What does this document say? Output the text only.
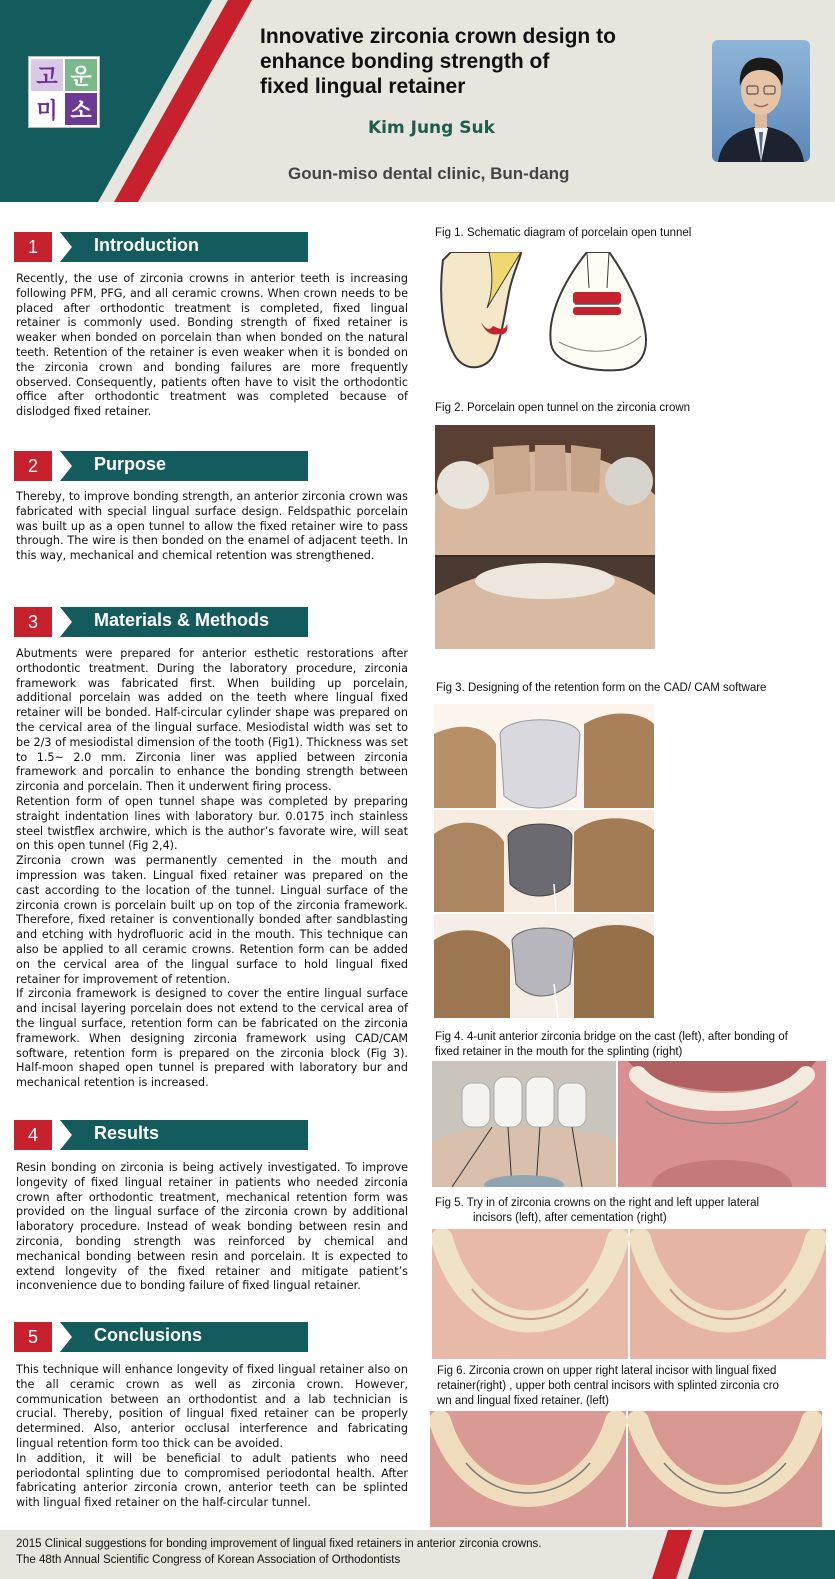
고 운
미 소
Innovative zirconia crown design to
enhance bonding strength of
fixed lingual retainer
Kim Jung Suk
Goun-miso dental clinic, Bun-dang
1	Introduction

Recently, the use of zirconia crowns in anterior teeth is increasing following PFM, PFG, and all ceramic crowns. When crown needs to be placed after orthodontic treatment is completed, fixed lingual retainer is commonly used. Bonding strength of fixed retainer is weaker when bonded on porcelain than when bonded on the natural teeth. Retention of the retainer is even weaker when it is bonded on the zirconia crown and bonding failures are more frequently observed. Consequently, patients often have to visit the orthodontic office after orthodontic treatment was completed because of dislodged fixed retainer.

2	Purpose

Thereby, to improve bonding strength, an anterior zirconia crown was fabricated with special lingual surface design. Feldspathic porcelain was built up as a open tunnel to allow the fixed retainer wire to pass through. The wire is then bonded on the enamel of adjacent teeth. In this way, mechanical and chemical retention was strengthened.

3	Materials & Methods

Abutments were prepared for anterior esthetic restorations after orthodontic treatment. During the laboratory procedure, zirconia framework was fabricated first. When building up porcelain, additional porcelain was added on the teeth where lingual fixed retainer will be bonded. Half-circular cylinder shape was prepared on the cervical area of the lingual surface. Mesiodistal width was set to be 2/3 of mesiodistal dimension of the tooth (Fig1). Thickness was set to 1.5~ 2.0 mm. Zirconia liner was applied between zirconia framework and porcalin to enhance the bonding strength between zirconia and porcelain. Then it underwent firing process.

Retention form of open tunnel shape was completed by preparing straight indentation lines with laboratory bur. 0.0175 inch stainless steel twistflex archwire, which is the author’s favorate wire, will seat on this open tunnel (Fig 2,4).

Zirconia crown was permanently cemented in the mouth and impression was taken. Lingual fixed retainer was prepared on the cast according to the location of the tunnel. Lingual surface of the zirconia crown is porcelain built up on top of the zirconia framework. Therefore, fixed retainer is conventionally bonded after sandblasting and etching with hydrofluoric acid in the mouth. This technique can also be applied to all ceramic crowns. Retention form can be added on the cervical area of the lingual surface to hold lingual fixed retainer for improvement of retention.

If zirconia framework is designed to cover the entire lingual surface and incisal layering porcelain does not extend to the cervical area of the lingual surface, retention form can be fabricated on the zirconia framework. When designing zirconia framework using CAD/CAM software, retention form is prepared on the zirconia block (Fig 3). Half-moon shaped open tunnel is prepared with laboratory bur and mechanical retention is increased.

4	Results

Resin bonding on zirconia is being actively investigated. To improve longevity of fixed lingual retainer in patients who needed zirconia crown after orthodontic treatment, mechanical retention form was provided on the lingual surface of the zirconia crown by additional laboratory procedure. Instead of weak bonding between resin and zirconia, bonding strength was reinforced by chemical and mechanical bonding between resin and porcelain. It is expected to extend longevity of the fixed retainer and mitigate patient’s inconvenience due to bonding failure of fixed lingual retainer.

5	Conclusions

This technique will enhance longevity of fixed lingual retainer also on the all ceramic crown as well as zirconia crown. However, communication between an orthodontist and a lab technician is crucial. Thereby, position of lingual fixed retainer can be properly determined. Also, anterior occlusal interference and fabricating lingual retention form too thick can be avoided.

In addition, it will be beneficial to adult patients who need periodontal splinting due to compromised periodontal health. After fabricating anterior zirconia crown, anterior teeth can be splinted with lingual fixed retainer on the half-circular tunnel.

Fig 1. Schematic diagram of porcelain open tunnel
Fig 2. Porcelain open tunnel on the zirconia crown
Fig 3. Designing of the retention form on the CAD/ CAM software
Fig 4. 4-unit anterior zirconia bridge on the cast (left), after bonding of
fixed retainer in the mouth for the splinting (right)
Fig 5. Try in of zirconia crowns on the right and left upper lateral
incisors (left), after cementation (right)
Fig 6. Zirconia crown on upper right lateral incisor with lingual fixed
retainer(right) , upper both central incisors with splinted zirconia cro
wn and lingual fixed retainer. (left)
2015 Clinical suggestions for bonding improvement of lingual fixed retainers in anterior zirconia crowns.
The 48th Annual Scientific Congress of Korean Association of Orthodontists
